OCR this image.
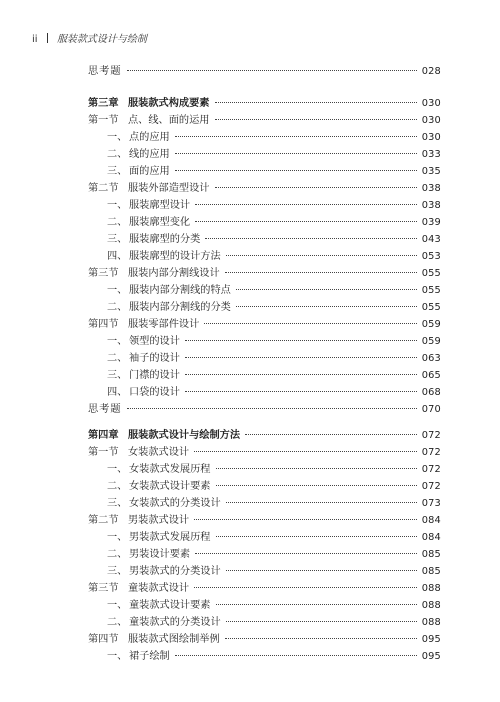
ii 服装款式设计与绘制
思考题	028
第三章 服装款式构成要素	030
第一节 点、线、面的运用	030
一、 点的应用	030
二、 线的应用	033
三、 面的应用	035
第二节 服装外部造型设计	038
一、 服装廓型设计	038
二、 服装廓型变化	039
三、 服装廓型的分类	043
四、 服装廓型的设计方法	053
第三节 服装内部分割线设计	055
一、 服装内部分割线的特点	055
二、 服装内部分割线的分类	055
第四节 服装零部件设计	059
一、 领型的设计	059
二、 袖子的设计	063
三、 门襟的设计	065
四、 口袋的设计	068
思考题	070
第四章 服装款式设计与绘制方法	072
第一节 女装款式设计	072
一、 女装款式发展历程	072
二、 女装款式设计要素	072
三、 女装款式的分类设计	073
第二节 男装款式设计	084
一、 男装款式发展历程	084
二、 男装设计要素	085
三、 男装款式的分类设计	085
第三节 童装款式设计	088
一、 童装款式设计要素	088
二、 童装款式的分类设计	088
第四节 服装款式图绘制举例	095
一、 裙子绘制	095
